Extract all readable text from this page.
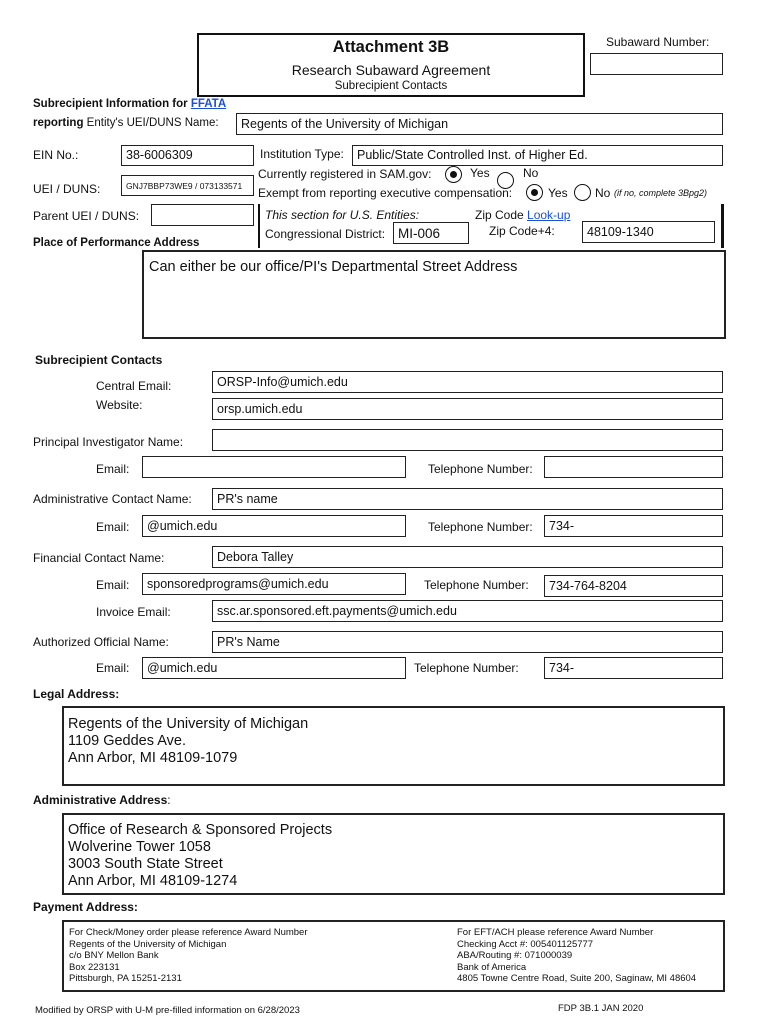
Attachment 3B
Research Subaward Agreement
Subrecipient Contacts
Subaward Number:
Subrecipient Information for FFATA
reporting Entity's UEI/DUNS Name:	Regents of the University of Michigan
EIN No.:	38-6006309
UEI / DUNS:	GNJ7BBP73WE9 / 073133571
Parent UEI / DUNS:
Institution Type:	Public/State Controlled Inst. of Higher Ed.
Currently registered in SAM.gov:	Yes	No
Exempt from reporting executive compensation:	Yes No (if no, complete 3Bpg2)
This section for U.S. Entities:
Congressional District: MI-006
Zip Code Look-up
Zip Code+4:	48109-1340
Place of Performance Address
Can either be our office/PI's Departmental Street Address
Subrecipient Contacts
Central Email:	ORSP-Info@umich.edu
Website:	orsp.umich.edu
Principal Investigator Name:
Email:	Telephone Number:
Administrative Contact Name:	PR's name
Email:	@umich.edu	Telephone Number:	734-
Financial Contact Name:	Debora Talley
Email:	sponsoredprograms@umich.edu	Telephone Number:	734-764-8204
Invoice Email:	ssc.ar.sponsored.eft.payments@umich.edu
Authorized Official Name:	PR's Name
Email:	@umich.edu	Telephone Number:	734-
Legal Address:
Regents of the University of Michigan
1109 Geddes Ave.
Ann Arbor, MI 48109-1079
Administrative Address:
Office of Research & Sponsored Projects
Wolverine Tower 1058
3003 South State Street
Ann Arbor, MI 48109-1274
Payment Address:
For Check/Money order please reference Award Number
Regents of the University of Michigan
c/o BNY Mellon Bank
Box 223131
Pittsburgh, PA 15251-2131
For EFT/ACH please reference Award Number
Checking Acct #: 005401125777
ABA/Routing #: 071000039
Bank of America
4805 Towne Centre Road, Suite 200, Saginaw, MI 48604
Modified by ORSP with U-M pre-filled information on 6/28/2023	FDP 3B.1 JAN 2020
